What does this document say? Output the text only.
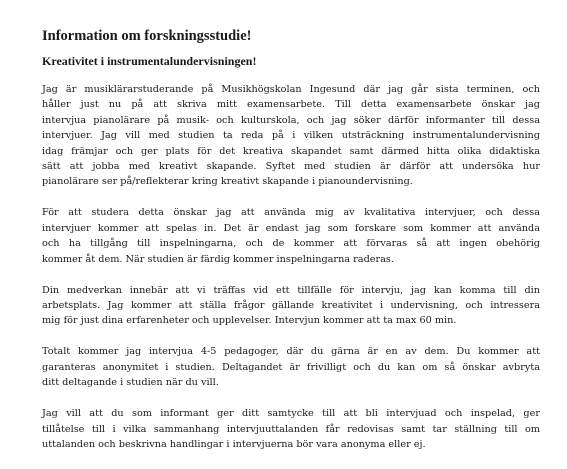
Information om forskningsstudie!
Kreativitet i instrumentalundervisningen!

Jag är musiklärarstuderande på Musikhögskolan Ingesund där jag går sista terminen, och
håller just nu på att skriva mitt examensarbete. Till detta examensarbete önskar jag
intervjua pianolärare på musik- och kulturskola, och jag söker därför informanter till dessa
intervjuer. Jag vill med studien ta reda på i vilken utsträckning instrumentalundervisning
idag främjar och ger plats för det kreativa skapandet samt därmed hitta olika didaktiska
sätt att jobba med kreativt skapande. Syftet med studien är därför att undersöka hur
pianolärare ser på/reflekterar kring kreativt skapande i pianoundervisning.

För att studera detta önskar jag att använda mig av kvalitativa intervjuer, och dessa
intervjuer kommer att spelas in. Det är endast jag som forskare som kommer att använda
och ha tillgång till inspelningarna, och de kommer att förvaras så att ingen obehörig
kommer åt dem. När studien är färdig kommer inspelningarna raderas.

Din medverkan innebär att vi träffas vid ett tillfälle för intervju, jag kan komma till din
arbetsplats. Jag kommer att ställa frågor gällande kreativitet i undervisning, och intressera
mig för just dina erfarenheter och upplevelser. Intervjun kommer att ta max 60 min.

Totalt kommer jag intervjua 4-5 pedagoger, där du gärna är en av dem. Du kommer att
garanteras anonymitet i studien. Deltagandet är frivilligt och du kan om så önskar avbryta
ditt deltagande i studien när du vill.

Jag vill att du som informant ger ditt samtycke till att bli intervjuad och inspelad, ger
tillåtelse till i vilka sammanhang intervjuuttalanden får redovisas samt tar ställning till om
uttalanden och beskrivna handlingar i intervjuerna bör vara anonyma eller ej.
